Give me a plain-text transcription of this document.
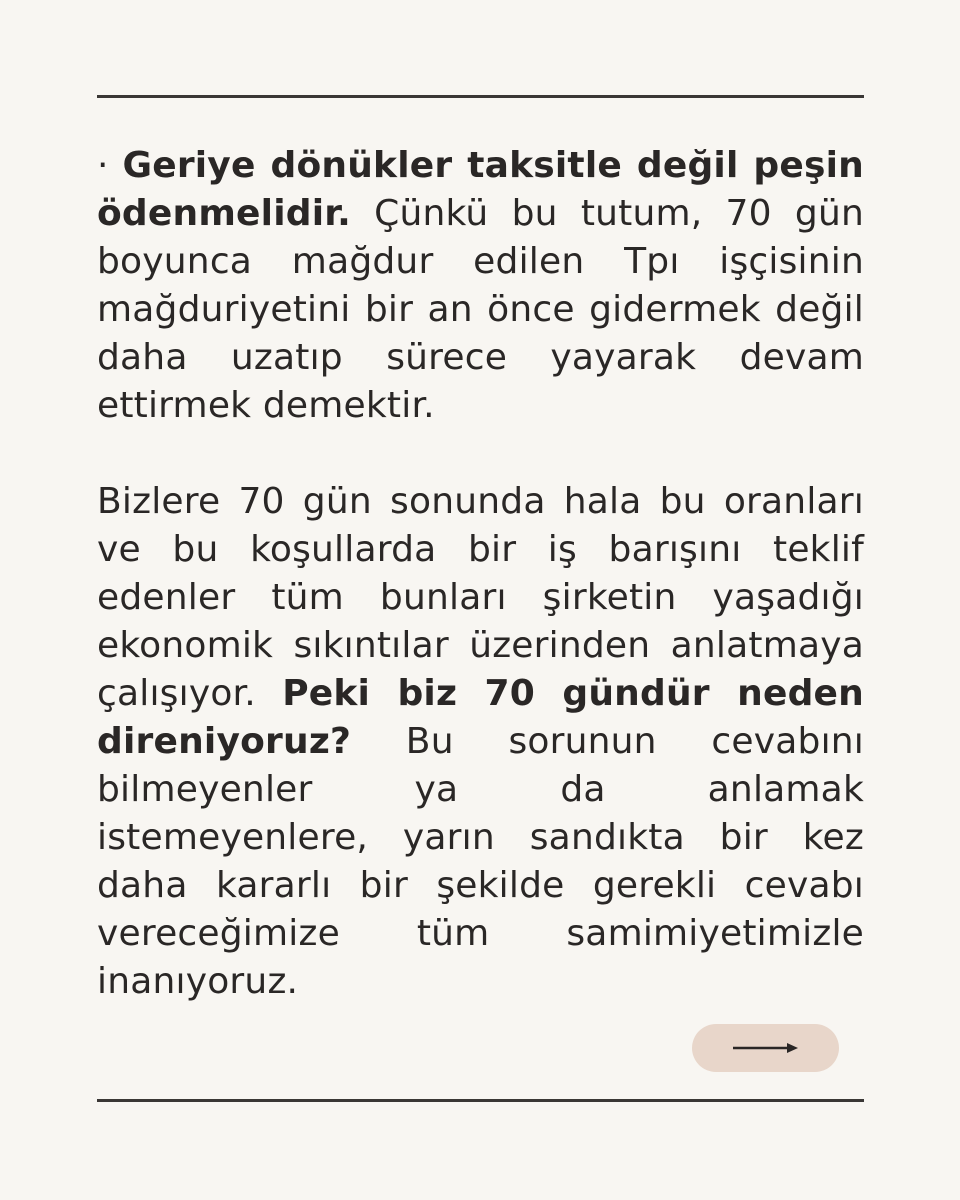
· Geriye dönükler taksitle değil peşin ödenmelidir. Çünkü bu tutum, 70 gün boyunca mağdur edilen Tpı işçisinin mağduriyetini bir an önce gidermek değil daha uzatıp sürece yayarak devam ettirmek demektir.

Bizlere 70 gün sonunda hala bu oranları ve bu koşullarda bir iş barışını teklif edenler tüm bunları şirketin yaşadığı ekonomik sıkıntılar üzerinden anlatmaya çalışıyor. Peki biz 70 gündür neden direniyoruz? Bu sorunun cevabını bilmeyenler ya da anlamak istemeyenlere, yarın sandıkta bir kez daha kararlı bir şekilde gerekli cevabı vereceğimize tüm samimiyetimizle inanıyoruz.
